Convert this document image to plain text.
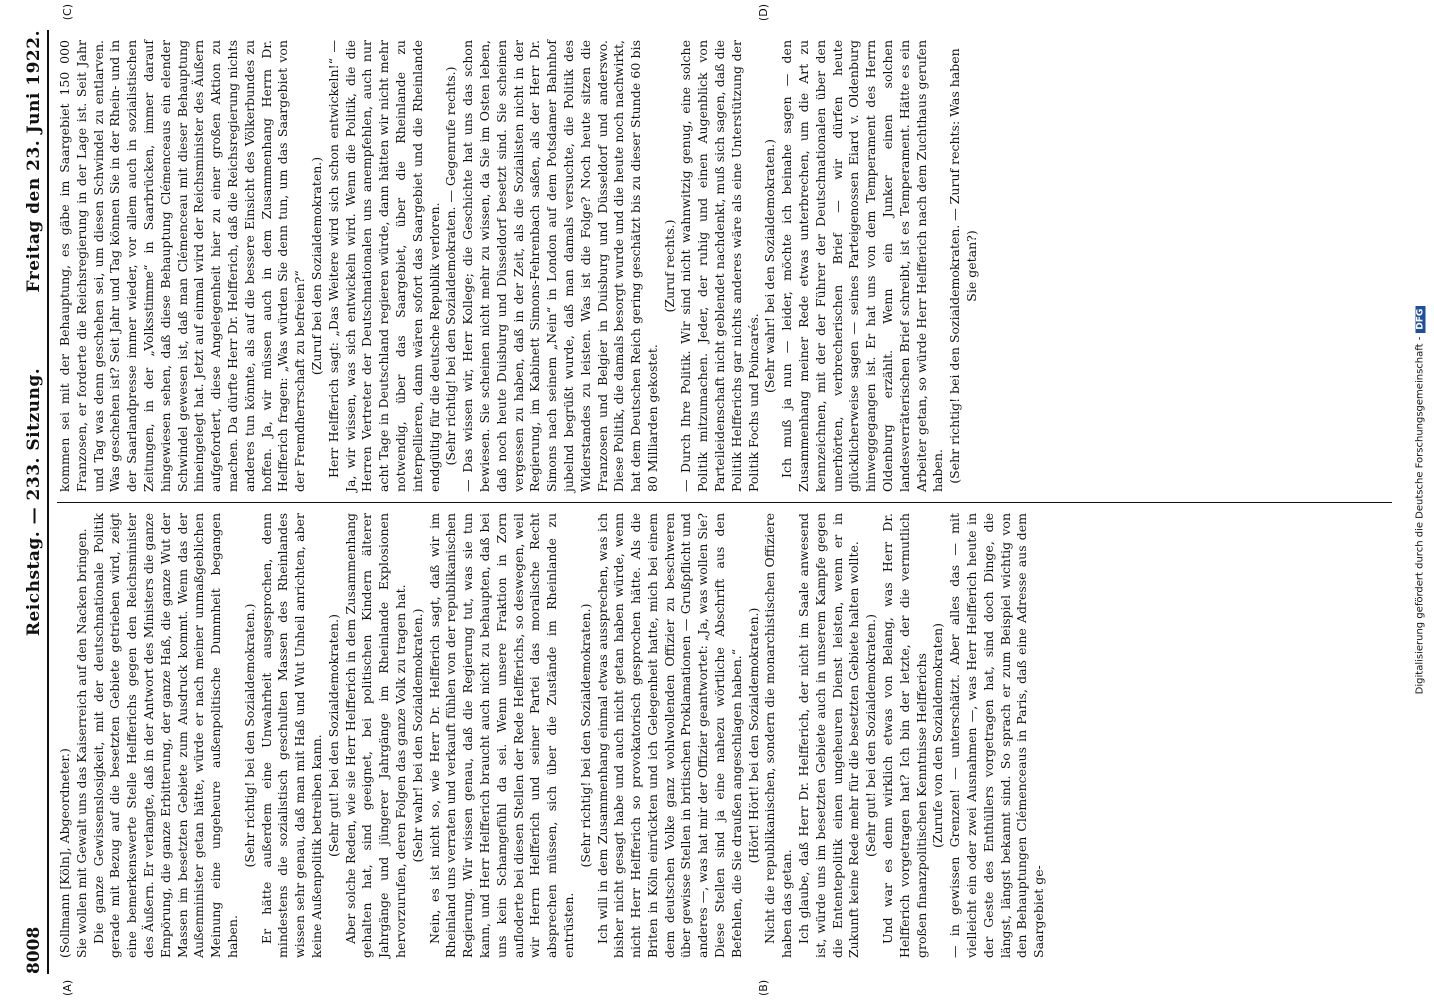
8008
Reichstag. — 233. Sitzung.
Freitag den 23. Juni 1922.
(A)	(B)
(C)	(D)

(Sollmann [Köln], Abgeordneter.) Sie wollen mit Gewalt uns das Kaiserreich auf den Nacken bringen. Die ganze Gewissenslosigkeit, mit der deutschnationale Politik gerade mit Bezug auf die besetzten Gebiete getrieben wird, zeigt eine bemerkenswerte Stelle Helfferichs gegen den Reichsminister des Äußern. Er verlangte, daß in der Antwort des Ministers die ganze Empörung, die ganze Erbitterung, der ganze Haß, die ganze Wut der Massen im besetzten Gebiete zum Ausdruck kommt. Wenn das der Außenminister getan hätte, würde er nach meiner unmaßgeblichen Meinung eine ungeheure außenpolitische Dummheit begangen haben.

(Sehr richtig! bei den Sozialdemokraten.) Er hätte außerdem eine Unwahrheit ausgesprochen, denn mindestens die sozialistisch geschulten Massen des Rheinlandes wissen sehr genau, daß man mit Haß und Wut Unheil anrichten, aber keine Außenpolitik betreiben kann. (Sehr gut! bei den Sozialdemokraten.) Aber solche Reden, wie sie Herr Helfferich in dem Zusammenhang gehalten hat, sind geeignet, bei politischen Kindern älterer Jahrgänge und jüngerer Jahrgänge im Rheinlande Explosionen hervorzurufen, deren Folgen das ganze Volk zu tragen hat. (Sehr wahr! bei den Sozialdemokraten.) Nein, es ist nicht so, wie Herr Dr. Helfferich sagt, daß wir im Rheinland uns verraten und verkauft fühlen von der republikanischen Regierung. Wir wissen genau, daß die Regierung tut, was sie tun kann, und Herr Helfferich braucht auch nicht zu behaupten, daß bei uns kein Schamgefühl da sei. Wenn unsere Fraktion in Zorn aufloderte bei diesen Stellen der Rede Helfferichs, so deswegen, weil wir Herrn Helfferich und seiner Partei das moralische Recht absprechen müssen, sich über die Zustände im Rheinlande zu entrüsten.

(Sehr richtig! bei den Sozialdemokraten.) Ich will in dem Zusammenhang einmal etwas aussprechen, was ich bisher nicht gesagt habe und auch nicht getan haben würde, wenn nicht Herr Helfferich so provokatorisch gesprochen hätte. Als die Briten in Köln einrückten und ich Gelegenheit hatte, mich bei einem dem deutschen Volke ganz wohlwollenden Offizier zu beschweren über gewisse Stellen in britischen Proklamationen — Grußpflicht und anderes —, was hat mir der Offizier geantwortet: „Ja, was wollen Sie? Diese Stellen sind ja eine nahezu wörtliche Abschrift aus den Befehlen, die Sie draußen angeschlagen haben.“ (Hört! Hört! bei den Sozialdemokraten.) Nicht die republikanischen, sondern die monarchistischen Offiziere haben das getan. Ich glaube, daß Herr Dr. Helfferich, der nicht im Saale anwesend ist, würde uns im besetzten Gebiete auch in unserem Kampfe gegen die Ententepolitik einen ungeheuren Dienst leisten, wenn er in Zukunft keine Rede mehr für die besetzten Gebiete halten wollte. (Sehr gut! bei den Sozialdemokraten.) Und war es denn wirklich etwas von Belang, was Herr Dr. Helfferich vorgetragen hat? Ich bin der letzte, der die vermutlich großen finanzpolitischen Kenntnisse Helfferichs (Zurufe von den Sozialdemokraten) — in gewissen Grenzen! — unterschätzt. Aber alles das — mit vielleicht ein oder zwei Ausnahmen —, was Herr Helfferich heute in der Geste des Enthüllers vorgetragen hat, sind doch Dinge, die längst, längst bekannt sind. So sprach er zum Beispiel wichtig von den Behauptungen Clémenceaus in Paris, daß eine Adresse aus dem Saargebiet ge-

kommen sei mit der Behauptung, es gäbe im Saargebiet 150 000 Franzosen, er forderte die Reichsregierung in der Lage ist. Seit Jahr und Tag was denn geschehen sei, um diesen Schwindel zu entlarven. Was geschehen ist? Seit Jahr und Tag können Sie in der Rhein- und in der Saarlandpresse immer wieder, vor allem auch in sozialistischen Zeitungen, in der „Volksstimme“ in Saarbrücken, immer darauf hingewiesen sehen, daß diese Behauptung Clémenceaus ein elender Schwindel gewesen ist, daß man Clémenceau mit dieser Behauptung hineingelegt hat. Jetzt auf einmal wird der Reichsminister des Äußern aufgefordert, diese Angelegenheit hier zu einer großen Aktion zu machen. Da dürfte Herr Dr. Helfferich, daß die Reichsregierung nichts anderes tun könnte, als auf die bessere Einsicht des Völkerbundes zu hoffen. Ja, wir müssen auch in dem Zusammenhang Herrn Dr. Helfferich fragen: „Was würden Sie denn tun, um das Saargebiet von der Fremdherrschaft zu befreien?“

(Zuruf bei den Sozialdemokraten.) Herr Helfferich sagt: „Das Weitere wird sich schon entwickeln!“ — Ja, wir wissen, was sich entwickeln wird. Wenn die Politik, die die Herren Vertreter der Deutschnationalen uns anempfehlen, auch nur acht Tage in Deutschland regieren würde, dann hätten wir nicht mehr notwendig, über das Saargebiet, über die Rheinlande zu interpellieren, dann wären sofort das Saargebiet und die Rheinlande endgültig für die deutsche Republik verloren. (Sehr richtig! bei den Sozialdemokraten. — Gegenrufe rechts.) — Das wissen wir, Herr Kollege; die Geschichte hat uns das schon bewiesen. Sie scheinen nicht mehr zu wissen, da Sie im Osten leben, daß noch heute Duisburg und Düsseldorf besetzt sind. Sie scheinen vergessen zu haben, daß in der Zeit, als die Sozialisten nicht in der Regierung, im Kabinett Simons-Fehrenbach saßen, als der Herr Dr. Simons nach seinem „Nein“ in London auf dem Potsdamer Bahnhof jubelnd begrüßt wurde, daß man damals versuchte, die Politik des Widerstandes zu leisten. Was ist die Folge? Noch heute sitzen die Franzosen und Belgier in Duisburg und Düsseldorf und anderswo. Diese Politik, die damals besorgt wurde und die heute noch nachwirkt, hat dem Deutschen Reich gering geschätzt bis zu dieser Stunde 60 bis 80 Milliarden gekostet.

(Zuruf rechts.) — Durch Ihre Politik. Wir sind nicht wahnwitzig genug, eine solche Politik mitzumachen. Jeder, der ruhig und einen Augenblick von Parteileidenschaft nicht geblendet nachdenkt, muß sich sagen, daß die Politik Helfferichs gar nichts anderes wäre als eine Unterstützung der Politik Fochs und Poincarés.

(Sehr wahr! bei den Sozialdemokraten.) Ich muß ja nun — leider, möchte ich beinahe sagen — den Zusammenhang meiner Rede etwas unterbrechen, um die Art zu kennzeichnen, mit der der Führer der Deutschnationalen über den unerhörten, verbrecherischen Brief — wir dürfen heute glücklicherweise sagen — seines Parteigenossen Eiard v. Oldenburg hinweggegangen ist. Er hat uns von dem Temperament des Herrn Oldenburg erzählt. Wenn ein Junker einen solchen landesverräterischen Brief schreibt, ist es Temperament. Hätte es ein Arbeiter getan, so würde Herr Helfferich nach dem Zuchthaus gerufen haben. (Sehr richtig! bei den Sozialdemokraten. — Zuruf rechts: Was haben Sie getan?)

Digitalisierung gefördert durch die Deutsche Forschungsgemeinschaft -DFG
